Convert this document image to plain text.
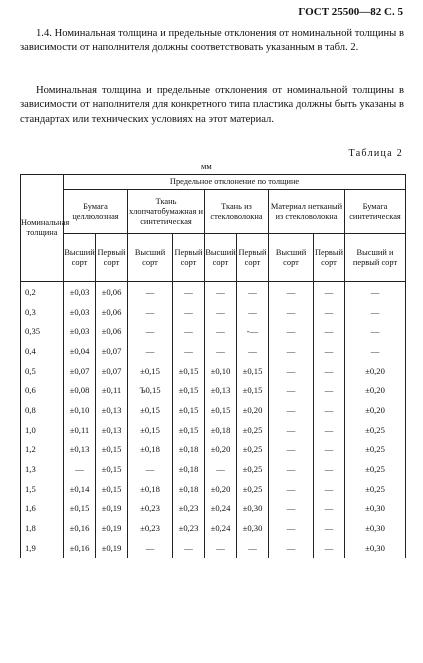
ГОСТ 25500—82 С. 5
1.4. Номинальная толщина и предельные отклонения от номинальной толщины в зависимости от наполнителя должны соответствовать указанным в табл. 2.
Номинальная толщина и предельные отклонения от номинальной толщины в зависимости от наполнителя для конкретного типа пластика должны быть указаны в стандартах или технических условиях на этот материал.
Таблица 2
мм
Номинальная толщина	Предельное отклонение по толщине								
	Бумага целлюлозная		Ткань хлопчатобумажная и синтетическая		Ткань из стекловолокна		Материал нетканый из стекловолокна		Бумага синтетическая
	Высший сорт	Первый сорт	Высший сорт	Первый сорт	Высший сорт	Первый сорт	Высший сорт	Первый сорт	Высший и первый сорт
0,2	±0,03	±0,06	—	—	—	—	—	—	—
0,3	±0,03	±0,06	—	—	—	—	—	—	—
0,35	±0,03	±0,06	—	—	—	-—	—	—	—
0,4	±0,04	±0,07	—	—	—	—	—	—	—
0,5	±0,07	±0,07	±0,15	±0,15	±0,10	±0,15	—	—	±0,20
0,6	±0,08	±0,11	Ъ0,15	±0,15	±0,13	±0,15	—	—	±0,20
0,8	±0,10	±0,13	±0,15	±0,15	±0,15	±0,20	—	—	±0,20
1,0	±0,11	±0,13	±0,15	±0,15	±0,18	±0,25	—	—	±0,25
1,2	±0,13	±0,15	±0,18	±0,18	±0,20	±0,25	—	—	±0,25
1,3	—	±0,15	—	±0,18	—	±0,25	—	—	±0,25
1,5	±0,14	±0,15	±0,18	±0,18	±0,20	±0,25	—	—	±0,25
1,6	±0,15	±0,19	±0,23	±0,23	±0,24	±0,30	—	—	±0,30
1,8	±0,16	±0,19	±0,23	±0,23	±0,24	±0,30	—	—	±0,30
1,9	±0,16	±0,19	—	—	—	—	—	—	±0,30
